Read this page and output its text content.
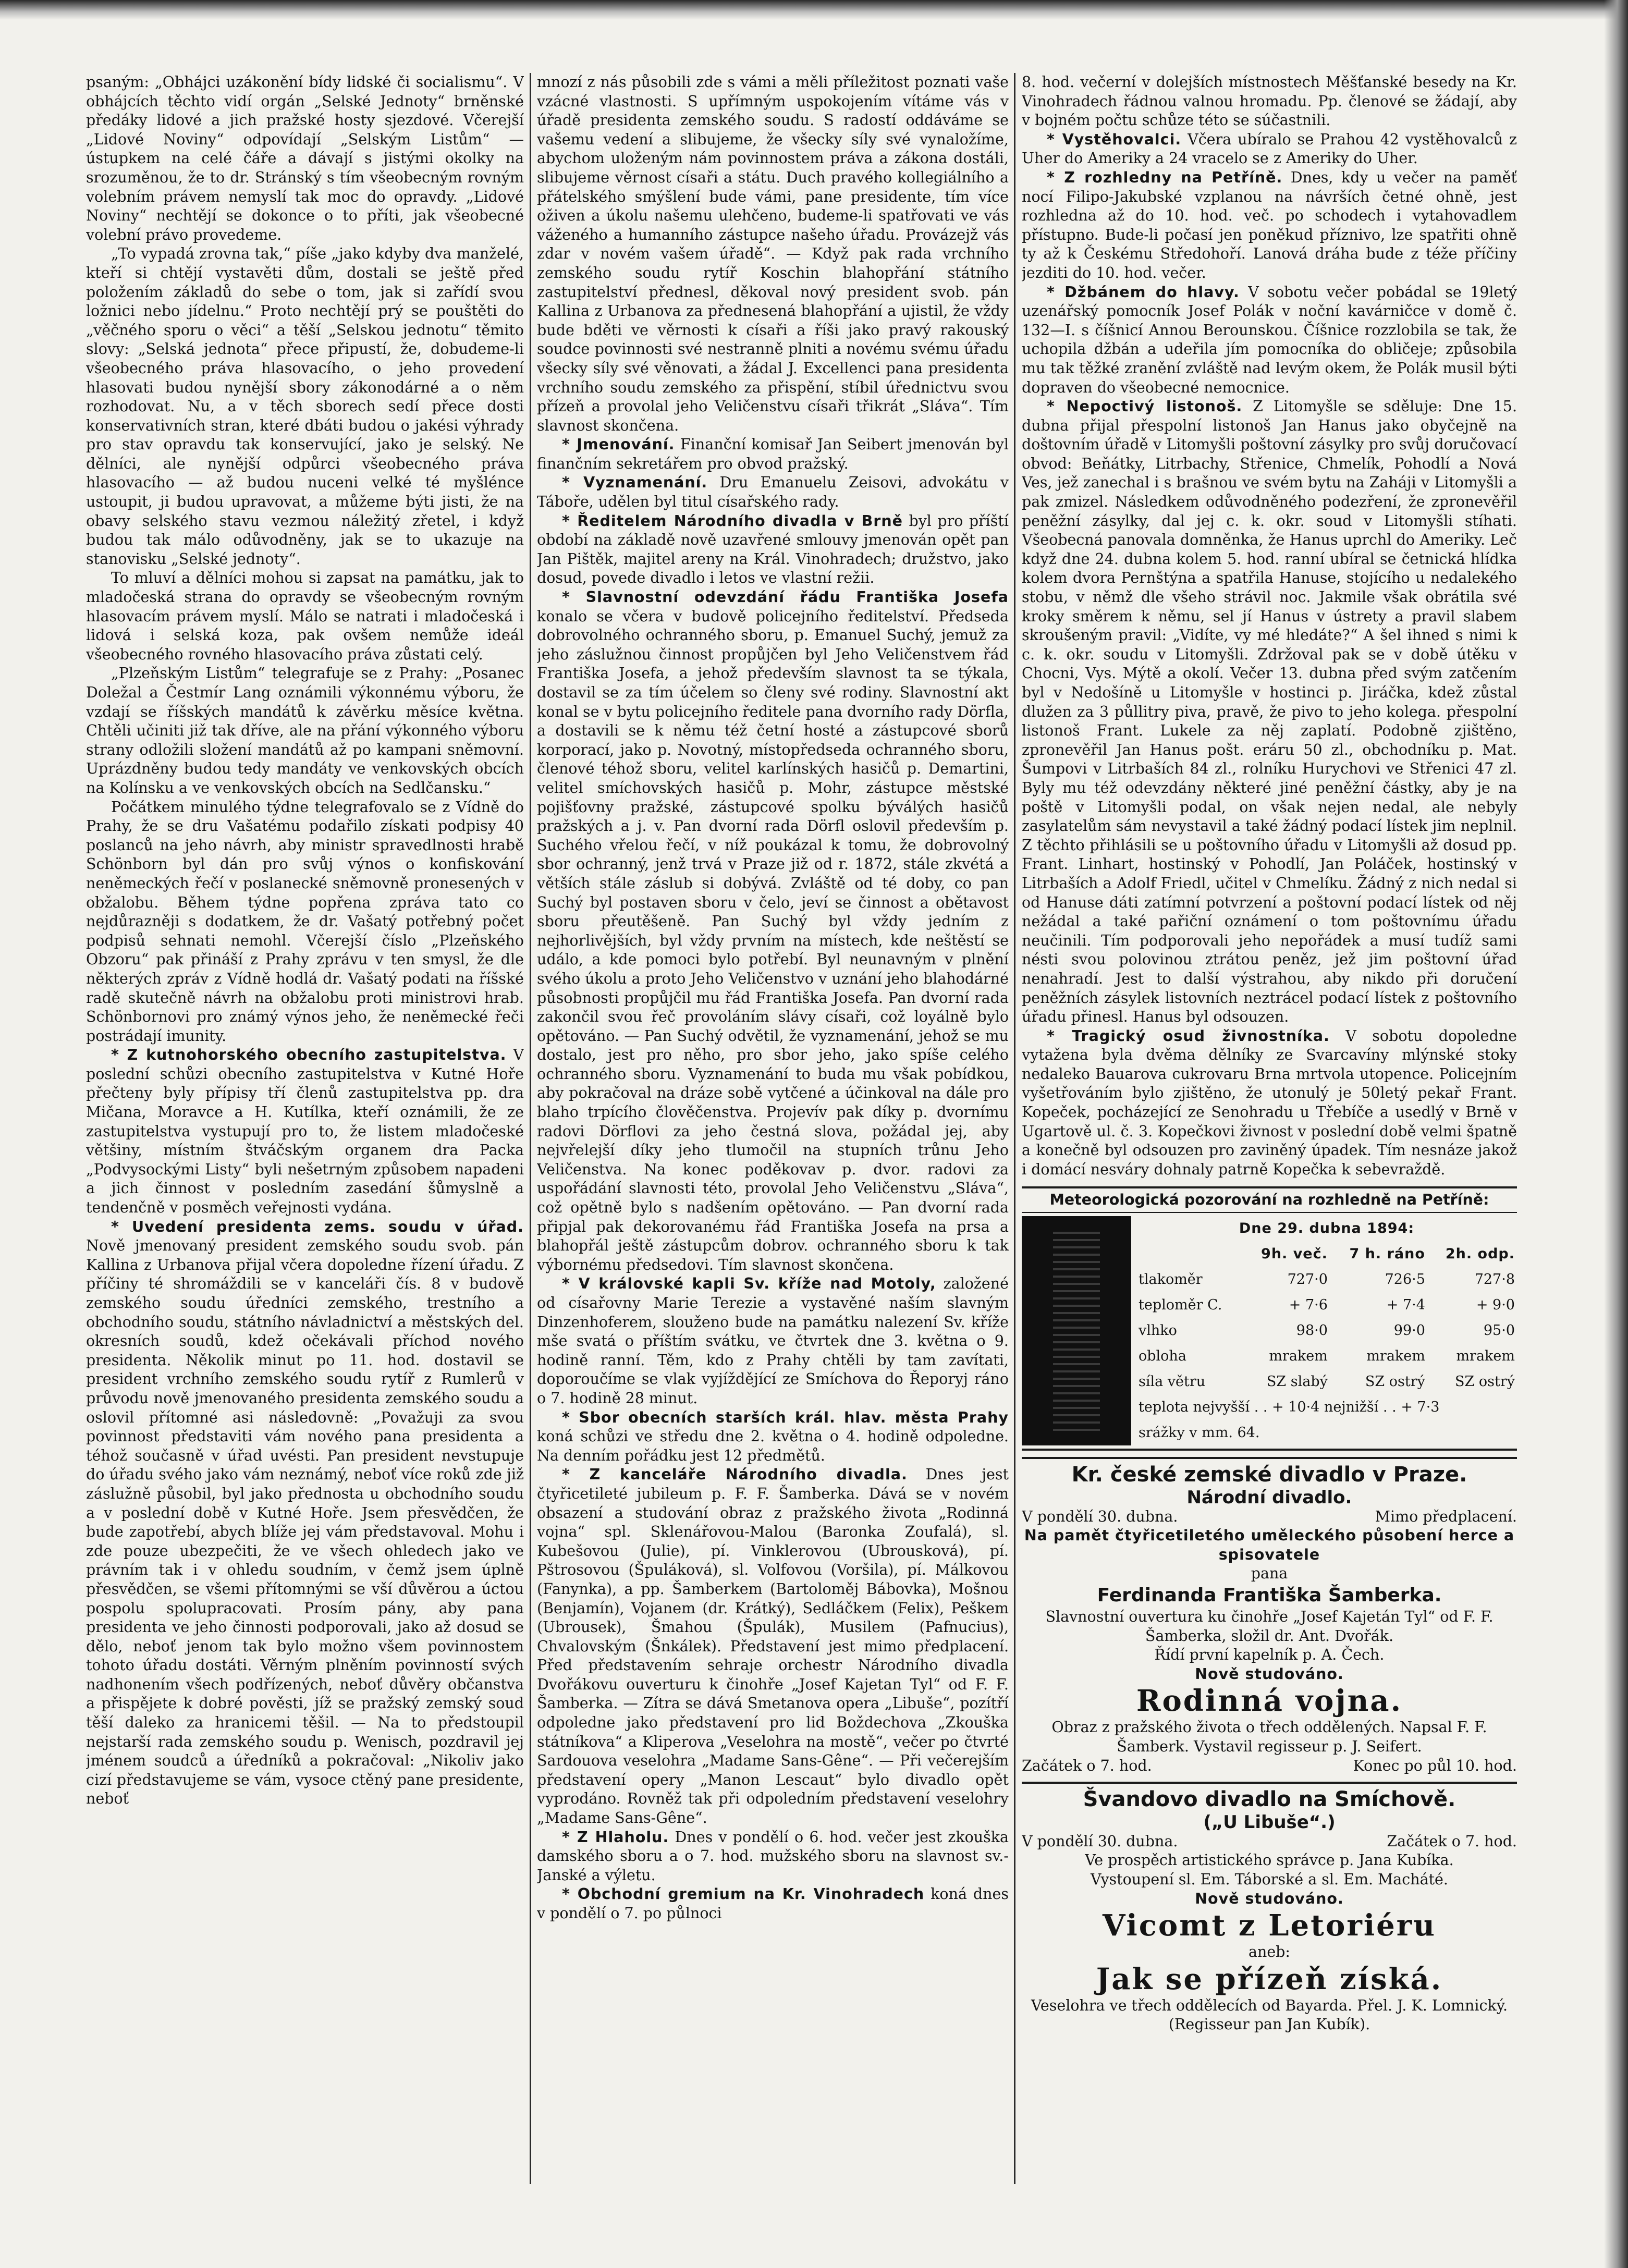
psaným: „Obhájci uzákonění bídy lidské či socialismu“. V obhájcích těchto vidí orgán „Selské Jednoty“ brněnské předáky lidové a jich pražské hosty sjezdové. Včerejší „Lidové Noviny“ odpovídají „Selským Listům“ — ústupkem na celé čáře a dávají s jistými okolky na srozuměnou, že to dr. Stránský s tím všeobecným rovným volebním právem nemyslí tak moc do opravdy. „Lidové Noviny“ nechtějí se dokonce o to příti, jak všeobecné volební právo provedeme.

„To vypadá zrovna tak,“ píše „jako kdyby dva manželé, kteří si chtějí vystavěti dům, dostali se ještě před položením základů do sebe o tom, jak si zařídí svou ložnici nebo jídelnu.“ Proto nechtějí prý se pouštěti do „věčného sporu o věci“ a těší „Selskou jednotu“ těmito slovy: „Selská jednota“ přece připustí, že, dobudeme-li všeobecného práva hlasovacího, o jeho provedení hlasovati budou nynější sbory zákonodárné a o něm rozhodovat. Nu, a v těch sborech sedí přece dosti konservativních stran, které dbáti budou o jakési výhrady pro stav opravdu tak konservující, jako je selský. Ne dělníci, ale nynější odpůrci všeobecného práva hlasovacího — až budou nuceni velké té myšlénce ustoupit, ji budou upravovat, a můžeme býti jisti, že na obavy selského stavu vezmou náležitý zřetel, i když budou tak málo odůvodněny, jak se to ukazuje na stanovisku „Selské jednoty“.

To mluví a dělníci mohou si zapsat na památku, jak to mladočeská strana do opravdy se všeobecným rovným hlasovacím právem myslí. Málo se natrati i mladočeská i lidová i selská koza, pak ovšem nemůže ideál všeobecného rovného hlasovacího práva zůstati celý.

„Plzeňským Listům“ telegrafuje se z Prahy: „Posanec Doležal a Čestmír Lang oznámili výkonnému výboru, že vzdají se říšských mandátů k závěrku měsíce května. Chtěli učiniti již tak dříve, ale na přání výkonného výboru strany odložili složení mandátů až po kampani sněmovní. Uprázdněny budou tedy mandáty ve venkovských obcích na Kolínsku a ve venkovských obcích na Sedlčansku.“

Počátkem minulého týdne telegrafovalo se z Vídně do Prahy, že se dru Vašatému podařilo získati podpisy 40 poslanců na jeho návrh, aby ministr spravedlnosti hrabě Schönborn byl dán pro svůj výnos o konfiskování neněmeckých řečí v poslanecké sněmovně pronesených v obžalobu. Během týdne popřena zpráva tato co nejdůrazněji s dodatkem, že dr. Vašatý potřebný počet podpisů sehnati nemohl. Včerejší číslo „Plzeňského Obzoru“ pak přináší z Prahy zprávu v ten smysl, že dle některých zpráv z Vídně hodlá dr. Vašatý podati na říšské radě skutečně návrh na obžalobu proti ministrovi hrab. Schönbornovi pro známý výnos jeho, že neněmecké řeči postrádají imunity.

* Z kutnohorského obecního zastupitelstva. V poslední schůzi obecního zastupitelstva v Kutné Hoře přečteny byly přípisy tří členů zastupitelstva pp. dra Mičana, Moravce a H. Kutílka, kteří oznámili, že ze zastupitelstva vystupují pro to, že listem mladočeské většiny, místním štváčským organem dra Packa „Podvysockými Listy“ byli nešetrným způsobem napadeni a jich činnost v posledním zasedání šůmyslně a tendenčně v posměch veřejnosti vydána.

* Uvedení presidenta zems. soudu v úřad. Nově jmenovaný president zemského soudu svob. pán Kallina z Urbanova přijal včera dopoledne řízení úřadu. Z příčiny té shromáždili se v kanceláři čís. 8 v budově zemského soudu úředníci zemského, trestního a obchodního soudu, státního návladnictví a městských del. okresních soudů, kdež očekávali příchod nového presidenta. Několik minut po 11. hod. dostavil se president vrchního zemského soudu rytíř z Rumlerů v průvodu nově jmenovaného presidenta zemského soudu a oslovil přítomné asi následovně: „Považuji za svou povinnost představiti vám nového pana presidenta a téhož současně v úřad uvésti. Pan president nevstupuje do úřadu svého jako vám neznámý, neboť více roků zde již záslužně působil, byl jako přednosta u obchodního soudu a v poslední době v Kutné Hoře. Jsem přesvědčen, že bude zapotřebí, abych blíže jej vám představoval. Mohu i zde pouze ubezpečiti, že ve všech ohledech jako ve právním tak i v ohledu soudním, v čemž jsem úplně přesvědčen, se všemi přítomnými se vší důvěrou a úctou pospolu spolupracovati. Prosím pány, aby pana presidenta ve jeho činnosti podporovali, jako až dosud se dělo, neboť jenom tak bylo možno všem povinnostem tohoto úřadu dostáti. Věrným plněním povinností svých nadhonením všech podřízených, neboť důvěry občanstva a přispějete k dobré pověsti, jíž se pražský zemský soud těší daleko za hranicemi těšil. — Na to předstoupil nejstarší rada zemského soudu p. Wenisch, pozdravil jej jménem soudců a úředníků a pokračoval: „Nikoliv jako cizí představujeme se vám, vysoce ctěný pane presidente, neboť

mnozí z nás působili zde s vámi a měli příležitost poznati vaše vzácné vlastnosti. S upřímným uspokojením vítáme vás v úřadě presidenta zemského soudu. S radostí oddáváme se vašemu vedení a slibujeme, že všecky síly své vynaložíme, abychom uloženým nám povinnostem práva a zákona dostáli, slibujeme věrnost císaři a státu. Duch pravého kollegiálního a přátelského smýšlení bude vámi, pane presidente, tím více oživen a úkolu našemu ulehčeno, budeme-li spatřovati ve vás váženého a humanního zástupce našeho úřadu. Provázejž vás zdar v novém vašem úřadě“. — Když pak rada vrchního zemského soudu rytíř Koschin blahopřání státního zastupitelství přednesl, děkoval nový president svob. pán Kallina z Urbanova za přednesená blahopřání a ujistil, že vždy bude bděti ve věrnosti k císaři a říši jako pravý rakouský soudce povinnosti své nestranně plniti a novému svému úřadu všecky síly své věnovati, a žádal J. Excellenci pana presidenta vrchního soudu zemského za přispění, stíbil úřednictvu svou přízeň a provolal jeho Veličenstvu císaři třikrát „Sláva“. Tím slavnost skončena.

* Jmenování. Finanční komisař Jan Seibert jmenován byl finančním sekretářem pro obvod pražský.

* Vyznamenání. Dru Emanuelu Zeisovi, advokátu v Táboře, udělen byl titul císařského rady.

* Ředitelem Národního divadla v Brně byl pro příští období na základě nově uzavřené smlouvy jmenován opět pan Jan Pištěk, majitel areny na Král. Vinohradech; družstvo, jako dosud, povede divadlo i letos ve vlastní režii.

* Slavnostní odevzdání řádu Františka Josefa konalo se včera v budově policejního ředitelství. Předseda dobrovolného ochranného sboru, p. Emanuel Suchý, jemuž za jeho záslužnou činnost propůjčen byl Jeho Veličenstvem řád Františka Josefa, a jehož především slavnost ta se týkala, dostavil se za tím účelem so členy své rodiny. Slavnostní akt konal se v bytu policejního ředitele pana dvorního rady Dörfla, a dostavili se k němu též četní hosté a zástupcové sborů korporací, jako p. Novotný, místopředseda ochranného sboru, členové téhož sboru, velitel karlínských hasičů p. Demartini, velitel smíchovských hasičů p. Mohr, zástupce městské pojišťovny pražské, zástupcové spolku býválých hasičů pražských a j. v. Pan dvorní rada Dörfl oslovil především p. Suchého vřelou řečí, v níž poukázal k tomu, že dobrovolný sbor ochranný, jenž trvá v Praze již od r. 1872, stále zkvétá a větších stále záslub si dobývá. Zvláště od té doby, co pan Suchý byl postaven sboru v čelo, jeví se činnost a obětavost sboru přeutěšeně. Pan Suchý byl vždy jedním z nejhorlivějších, byl vždy prvním na místech, kde neštěstí se událo, a kde pomoci bylo potřebí. Byl neunavným v plnění svého úkolu a proto Jeho Veličenstvo v uznání jeho blahodárné působnosti propůjčil mu řád Františka Josefa. Pan dvorní rada zakončil svou řeč provoláním slávy císaři, což loyálně bylo opětováno. — Pan Suchý odvětil, že vyznamenání, jehož se mu dostalo, jest pro něho, pro sbor jeho, jako spíše celého ochranného sboru. Vyznamenání to buda mu však pobídkou, aby pokračoval na dráze sobě vytčené a účinkoval na dále pro blaho trpícího člověčenstva. Projevív pak díky p. dvornímu radovi Dörflovi za jeho čestná slova, požádal jej, aby nejvřelejší díky jeho tlumočil na stupních trůnu Jeho Veličenstva. Na konec poděkovav p. dvor. radovi za uspořádání slavnosti této, provolal Jeho Veličenstvu „Sláva“, což opětně bylo s nadšením opětováno. — Pan dvorní rada připjal pak dekorovanému řád Františka Josefa na prsa a blahopřál ještě zástupcům dobrov. ochranného sboru k tak výbornému předsedovi. Tím slavnost skončena.

* V královské kapli Sv. kříže nad Motoly, založené od císařovny Marie Terezie a vystavěné naším slavným Dinzenhoferem, slouženo bude na památku nalezení Sv. kříže mše svatá o příštím svátku, ve čtvrtek dne 3. května o 9. hodině ranní. Těm, kdo z Prahy chtěli by tam zavítati, doporoučíme se vlak vyjíždějící ze Smíchova do Řeporyj ráno o 7. hodině 28 minut.

* Sbor obecních starších král. hlav. města Prahy koná schůzi ve středu dne 2. května o 4. hodině odpoledne. Na denním pořádku jest 12 předmětů.

* Z kanceláře Národního divadla. Dnes jest čtyřicetileté jubileum p. F. F. Šamberka. Dává se v novém obsazení a studování obraz z pražského života „Rodinná vojna“ spl. Sklenářovou-Malou (Baronka Zoufalá), sl. Kubešovou (Julie), pí. Vinklerovou (Ubrousková), pí. Pštrosovou (Špuláková), sl. Volfovou (Voršila), pí. Málkovou (Fanynka), a pp. Šamberkem (Bartoloměj Bábovka), Mošnou (Benjamín), Vojanem (dr. Krátký), Sedláčkem (Felix), Peškem (Ubrousek), Šmahou (Špulák), Musilem (Pafnucius), Chvalovským (Šnkálek). Představení jest mimo předplacení. Před představením sehraje orchestr Národního divadla Dvořákovu ouverturu k činohře „Josef Kajetan Tyl“ od F. F. Šamberka. — Zítra se dává Smetanova opera „Libuše“, pozítří odpoledne jako představení pro lid Boždechova „Zkouška státníkova“ a Kliperova „Veselohra na mostě“, večer po čtvrté Sardouova veselohra „Madame Sans-Gêne“. — Při večerejším představení opery „Manon Lescaut“ bylo divadlo opět vyprodáno. Rovněž tak při odpoledním představení veselohry „Madame Sans-Gêne“.

* Z Hlaholu. Dnes v pondělí o 6. hod. večer jest zkouška damského sboru a o 7. hod. mužského sboru na slavnost sv.-Janské a výletu.

* Obchodní gremium na Kr. Vinohradech koná dnes v pondělí o 7. po půlnoci

8. hod. večerní v dolejších místnostech Měšťanské besedy na Kr. Vinohradech řádnou valnou hromadu. Pp. členové se žádají, aby v bojném počtu schůze této se súčastnili.

* Vystěhovalci. Včera ubíralo se Prahou 42 vystěhovalců z Uher do Ameriky a 24 vracelo se z Ameriky do Uher.

* Z rozhledny na Petříně. Dnes, kdy u večer na paměť nocí Filipo-Jakubské vzplanou na návrších četné ohně, jest rozhledna až do 10. hod. več. po schodech i vytahovadlem přístupno. Bude-li počasí jen poněkud příznivo, lze spatřiti ohně ty až k Českému Středohoří. Lanová dráha bude z téže příčiny jezditi do 10. hod. večer.

* Džbánem do hlavy. V sobotu večer pobádal se 19letý uzenářský pomocník Josef Polák v noční kavárničce v domě č. 132—I. s číšnicí Annou Berounskou. Číšnice rozzlobila se tak, že uchopila džbán a udeřila jím pomocníka do obličeje; způsobila mu tak těžké zranění zvláště nad levým okem, že Polák musil býti dopraven do všeobecné nemocnice.

* Nepoctivý listonoš. Z Litomyšle se sděluje: Dne 15. dubna přijal přespolní listonoš Jan Hanus jako obyčejně na doštovním úřadě v Litomyšli poštovní zásylky pro svůj doručovací obvod: Beňátky, Litrbachy, Střenice, Chmelík, Pohodlí a Nová Ves, jež zanechal i s brašnou ve svém bytu na Zaháji v Litomyšli a pak zmizel. Následkem odůvodněného podezření, že zpronevěřil peněžní zásylky, dal jej c. k. okr. soud v Litomyšli stíhati. Všeobecná panovala domněnka, že Hanus uprchl do Ameriky. Leč když dne 24. dubna kolem 5. hod. ranní ubíral se četnická hlídka kolem dvora Pernštýna a spatřila Hanuse, stojícího u nedalekého stobu, v němž dle všeho strávil noc. Jakmile však obrátila své kroky směrem k němu, sel jí Hanus v ústrety a pravil slabem skroušeným pravil: „Vidíte, vy mé hledáte?“ A šel ihned s nimi k c. k. okr. soudu v Litomyšli. Zdržoval pak se v době útěku v Chocni, Vys. Mýtě a okolí. Večer 13. dubna před svým zatčením byl v Nedošíně u Litomyšle v hostinci p. Jiráčka, kdež zůstal dlužen za 3 půllitry piva, pravě, že pivo to jeho kolega. přespolní listonoš Frant. Lukele za něj zaplatí. Podobně zjištěno, zpronevěřil Jan Hanus pošt. eráru 50 zl., obchodníku p. Mat. Šumpovi v Litrbaších 84 zl., rolníku Hurychovi ve Střenici 47 zl. Byly mu též odevzdány některé jiné peněžní částky, aby je na poště v Litomyšli podal, on však nejen nedal, ale nebyly zasylatelům sám nevystavil a také žádný podací lístek jim neplnil. Z těchto přihlásili se u poštovního úřadu v Litomyšli až dosud pp. Frant. Linhart, hostinský v Pohodlí, Jan Poláček, hostinský v Litrbaších a Adolf Friedl, učitel v Chmelíku. Žádný z nich nedal si od Hanuse dáti zatímní potvrzení a poštovní podací lístek od něj nežádal a také pařiční oznámení o tom poštovnímu úřadu neučinili. Tím podporovali jeho nepořádek a musí tudíž sami nésti svou polovinou ztrátou peněz, jež jim poštovní úřad nenahradí. Jest to další výstrahou, aby nikdo při doručení peněžních zásylek listovních neztrácel podací lístek z poštovního úřadu přinesl. Hanus byl odsouzen.

* Tragický osud živnostníka. V sobotu dopoledne vytažena byla dvěma dělníky ze Svarcavíny mlýnské stoky nedaleko Bauarova cukrovaru Brna mrtvola utopence. Policejním vyšetřováním bylo zjištěno, že utonulý je 50letý pekař Frant. Kopeček, pocházející ze Senohradu u Třebíče a usedlý v Brně v Ugartově ul. č. 3. Kopečkovi živnost v poslední době velmi špatně a konečně byl odsouzen pro zaviněný úpadek. Tím nesnáze jakož i domácí nesváry dohnaly patrně Kopečka k sebevraždě.

Meteorologická pozorování na rozhledně na Petříně:
Dne 29. dubna 1894:			
	9h. več.	7 h. ráno	2h. odp.
tlakoměr	727·0	726·5	727·8
teploměr C.	+ 7·6	+ 7·4	+ 9·0
vlhko	98·0	99·0	95·0
obloha	mrakem	mrakem	mrakem
síla větru	SZ slabý	SZ ostrý	SZ ostrý
teplota nejvyšší . . + 10·4 nejnižší . . + 7·3			
srážky v mm. 64.			
Kr. české zemské divadlo v Praze.
Národní divadlo.
V pondělí 30. dubna.	Mimo předplacení.
Na pamět čtyřicetiletého uměleckého působení herce a spisovatele
pana
Ferdinanda Františka Šamberka.
Slavnostní ouvertura ku činohře „Josef Kajetán Tyl“ od F. F. Šamberka, složil dr. Ant. Dvořák.
Řídí první kapelník p. A. Čech.
Nově studováno.
Rodinná vojna.
Obraz z pražského života o třech oddělených. Napsal F. F. Šamberk. Vystavil regisseur p. J. Seifert.
Začátek o 7. hod.	Konec po půl 10. hod.
Švandovo divadlo na Smíchově.
(„U Libuše“.)
V pondělí 30. dubna.	Začátek o 7. hod.
Ve prospěch artistického správce p. Jana Kubíka.
Vystoupení sl. Em. Táborské a sl. Em. Macháté.
Nově studováno.
Vicomt z Letoriéru
aneb:
Jak se přízeň získá.
Veselohra ve třech oddělecích od Bayarda. Přel. J. K. Lomnický. (Regisseur pan Jan Kubík).
